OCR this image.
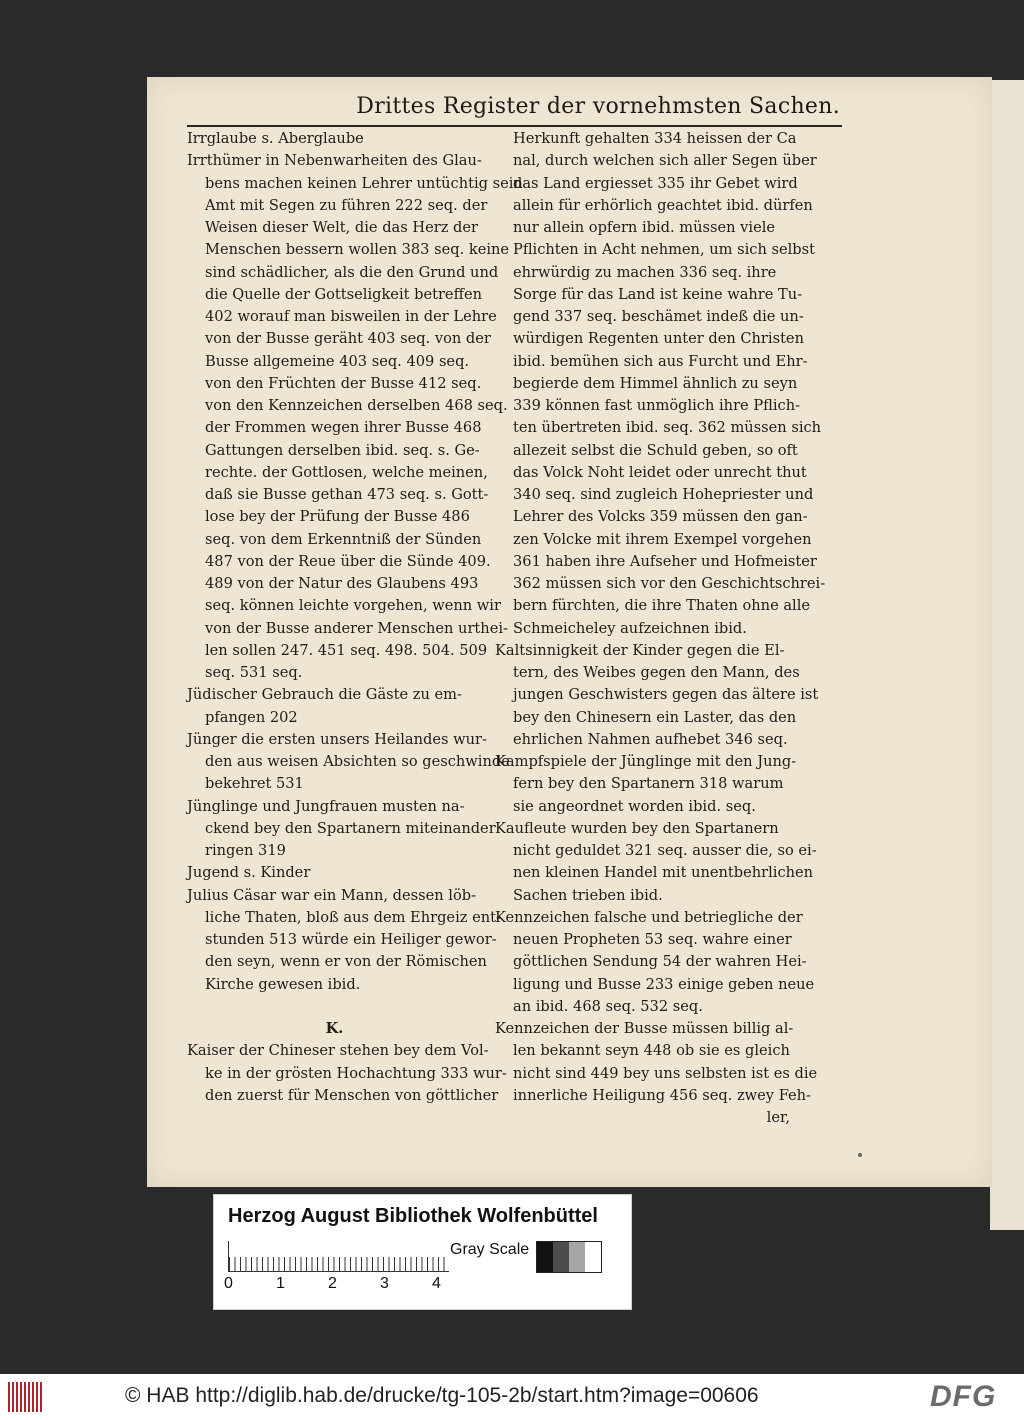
Drittes Register der vornehmsten Sachen.
Irrglaube s. Aberglaube
Irrthümer in Nebenwarheiten des Glau-
bens machen keinen Lehrer untüchtig sein
Amt mit Segen zu führen 222 seq. der
Weisen dieser Welt, die das Herz der
Menschen bessern wollen 383 seq. keine
sind schädlicher, als die den Grund und
die Quelle der Gottseligkeit betreffen
402 worauf man bisweilen in der Lehre
von der Busse geräht 403 seq. von der
Busse allgemeine 403 seq. 409 seq.
von den Früchten der Busse 412 seq.
von den Kennzeichen derselben 468 seq.
der Frommen wegen ihrer Busse 468
Gattungen derselben ibid. seq. s. Ge-
rechte. der Gottlosen, welche meinen,
daß sie Busse gethan 473 seq. s. Gott-
lose bey der Prüfung der Busse 486
seq. von dem Erkenntniß der Sünden
487 von der Reue über die Sünde 409.
489 von der Natur des Glaubens 493
seq. können leichte vorgehen, wenn wir
von der Busse anderer Menschen urthei-
len sollen 247. 451 seq. 498. 504. 509
seq. 531 seq.
Jüdischer Gebrauch die Gäste zu em-
pfangen 202
Jünger die ersten unsers Heilandes wur-
den aus weisen Absichten so geschwinde
bekehret 531
Jünglinge und Jungfrauen musten na-
ckend bey den Spartanern miteinander
ringen 319
Jugend s. Kinder
Julius Cäsar war ein Mann, dessen löb-
liche Thaten, bloß aus dem Ehrgeiz ent-
stunden 513 würde ein Heiliger gewor-
den seyn, wenn er von der Römischen
Kirche gewesen ibid.

K.
Kaiser der Chineser stehen bey dem Vol-
ke in der grösten Hochachtung 333 wur-
den zuerst für Menschen von göttlicher
Herkunft gehalten 334 heissen der Ca
nal, durch welchen sich aller Segen über
das Land ergiesset 335 ihr Gebet wird
allein für erhörlich geachtet ibid. dürfen
nur allein opfern ibid. müssen viele
Pflichten in Acht nehmen, um sich selbst
ehrwürdig zu machen 336 seq. ihre
Sorge für das Land ist keine wahre Tu-
gend 337 seq. beschämet indeß die un-
würdigen Regenten unter den Christen
ibid. bemühen sich aus Furcht und Ehr-
begierde dem Himmel ähnlich zu seyn
339 können fast unmöglich ihre Pflich-
ten übertreten ibid. seq. 362 müssen sich
allezeit selbst die Schuld geben, so oft
das Volck Noht leidet oder unrecht thut
340 seq. sind zugleich Hohepriester und
Lehrer des Volcks 359 müssen den gan-
zen Volcke mit ihrem Exempel vorgehen
361 haben ihre Aufseher und Hofmeister
362 müssen sich vor den Geschichtschrei-
bern fürchten, die ihre Thaten ohne alle
Schmeicheley aufzeichnen ibid.
Kaltsinnigkeit der Kinder gegen die El-
tern, des Weibes gegen den Mann, des
jungen Geschwisters gegen das ältere ist
bey den Chinesern ein Laster, das den
ehrlichen Nahmen aufhebet 346 seq.
Kampfspiele der Jünglinge mit den Jung-
fern bey den Spartanern 318 warum
sie angeordnet worden ibid. seq.
Kaufleute wurden bey den Spartanern
nicht geduldet 321 seq. ausser die, so ei-
nen kleinen Handel mit unentbehrlichen
Sachen trieben ibid.
Kennzeichen falsche und betriegliche der
neuen Propheten 53 seq. wahre einer
göttlichen Sendung 54 der wahren Hei-
ligung und Busse 233 einige geben neue
an ibid. 468 seq. 532 seq.
Kennzeichen der Busse müssen billig al-
len bekannt seyn 448 ob sie es gleich
nicht sind 449 bey uns selbsten ist es die
innerliche Heiligung 456 seq. zwey Feh-
ler,
Herzog August Bibliothek Wolfenbüttel
0	1	2	3	4
Gray Scale
© HAB http://diglib.hab.de/drucke/tg-105-2b/start.htm?image=00606	DFG
